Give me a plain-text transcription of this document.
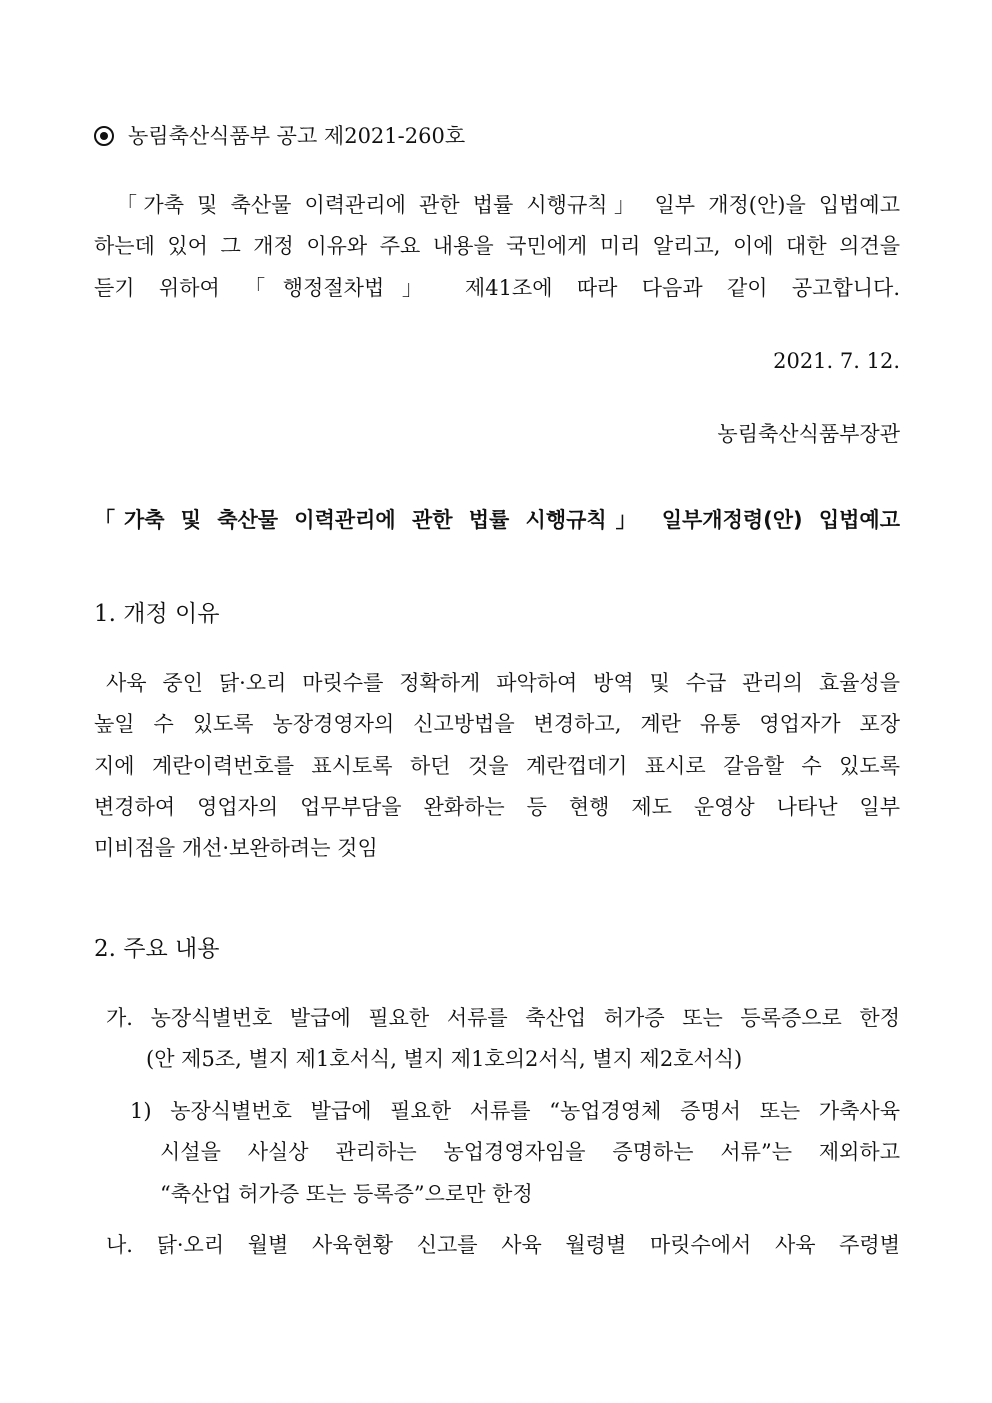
농림축산식품부 공고 제2021-260호
「가축 및 축산물 이력관리에 관한 법률 시행규칙」 일부 개정(안)을 입법예고
하는데 있어 그 개정 이유와 주요 내용을 국민에게 미리 알리고, 이에 대한 의견을
듣기 위하여 「행정절차법」 제41조에 따라 다음과 같이 공고합니다.
2021. 7. 12.
농림축산식품부장관
「가축 및 축산물 이력관리에 관한 법률 시행규칙」 일부개정령(안) 입법예고
1. 개정 이유
사육 중인 닭·오리 마릿수를 정확하게 파악하여 방역 및 수급 관리의 효율성을
높일 수 있도록 농장경영자의 신고방법을 변경하고, 계란 유통 영업자가 포장
지에 계란이력번호를 표시토록 하던 것을 계란껍데기 표시로 갈음할 수 있도록
변경하여 영업자의 업무부담을 완화하는 등 현행 제도 운영상 나타난 일부
미비점을 개선·보완하려는 것임
2. 주요 내용
가. 농장식별번호 발급에 필요한 서류를 축산업 허가증 또는 등록증으로 한정
(안 제5조, 별지 제1호서식, 별지 제1호의2서식, 별지 제2호서식)
1) 농장식별번호 발급에 필요한 서류를 “농업경영체 증명서 또는 가축사육
시설을 사실상 관리하는 농업경영자임을 증명하는 서류”는 제외하고
“축산업 허가증 또는 등록증”으로만 한정
나. 닭·오리 월별 사육현황 신고를 사육 월령별 마릿수에서 사육 주령별
